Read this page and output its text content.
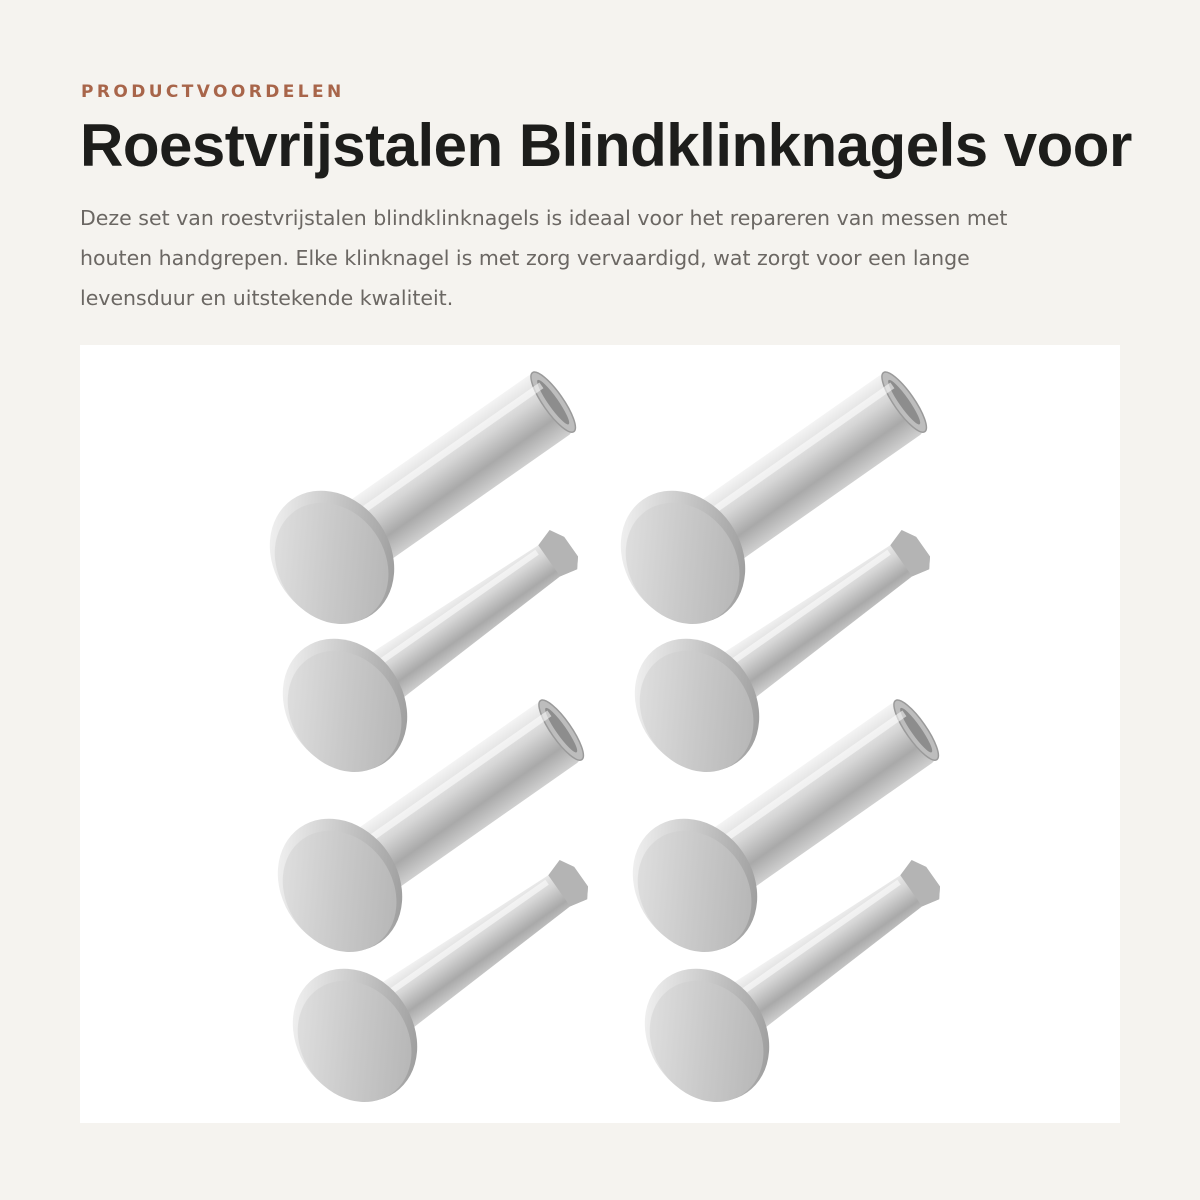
PRODUCTVOORDELEN

Roestvrijstalen Blindklinknagels voor

Deze set van roestvrijstalen blindklinknagels is ideaal voor het repareren van messen met houten handgrepen. Elke klinknagel is met zorg vervaardigd, wat zorgt voor een lange levensduur en uitstekende kwaliteit.
